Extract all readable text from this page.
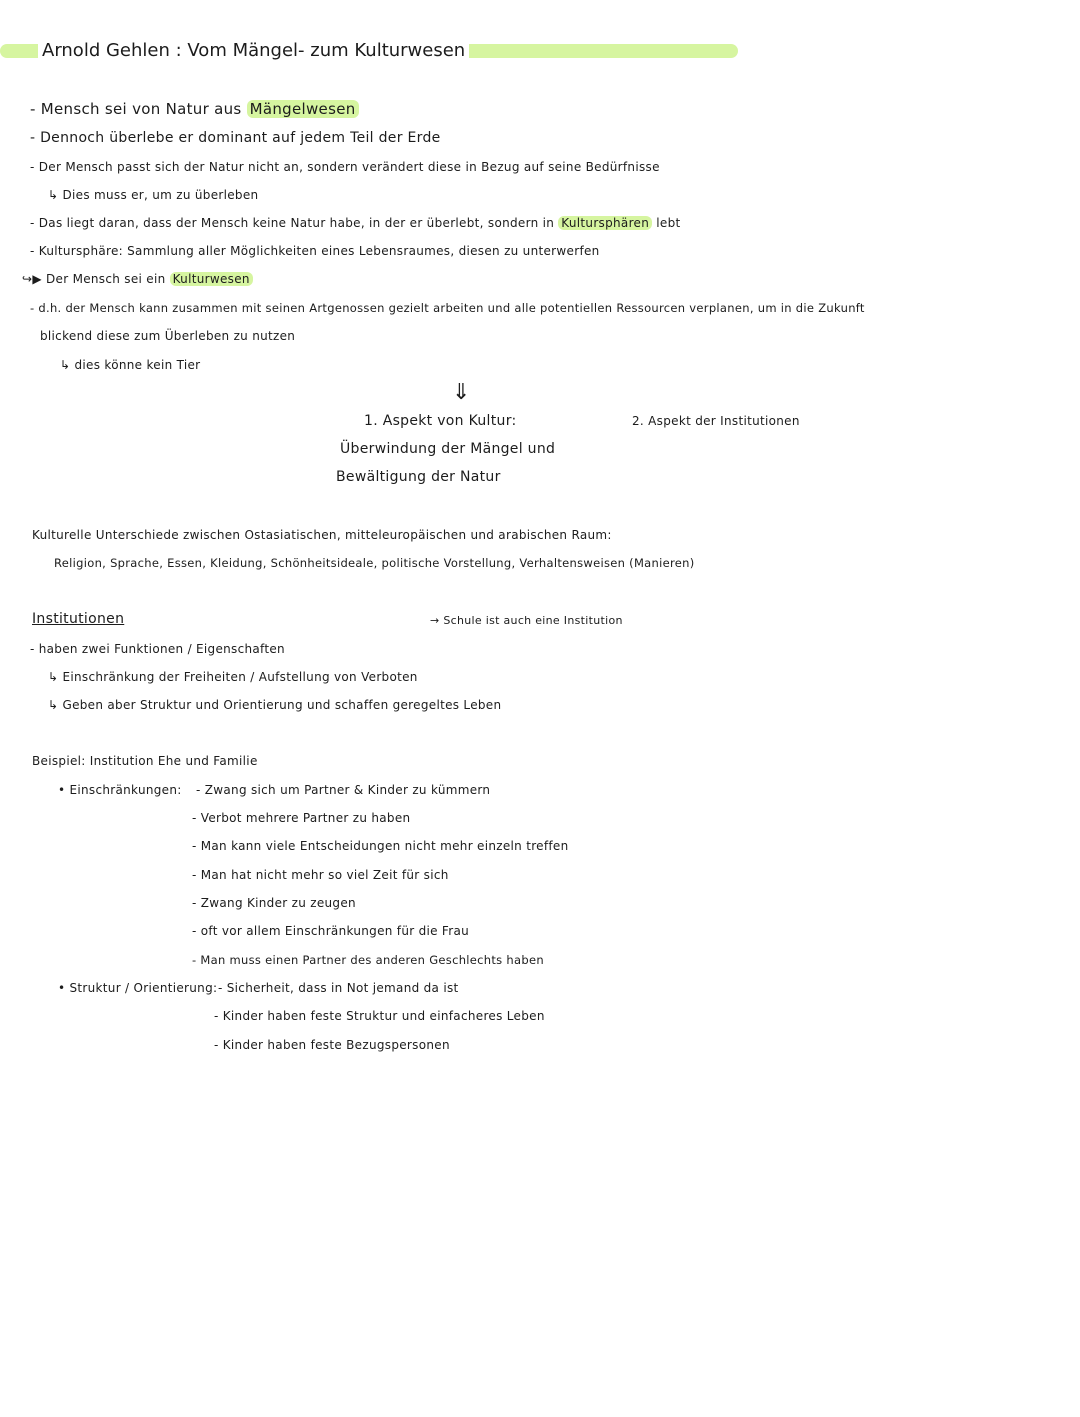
Arnold Gehlen : Vom Mängel- zum Kulturwesen
- Mensch sei von Natur aus Mängelwesen
- Dennoch überlebe er dominant auf jedem Teil der Erde
- Der Mensch passt sich der Natur nicht an, sondern verändert diese in Bezug auf seine Bedürfnisse
↳ Dies muss er, um zu überleben
- Das liegt daran, dass der Mensch keine Natur habe, in der er überlebt, sondern in Kultursphären lebt
- Kultursphäre: Sammlung aller Möglichkeiten eines Lebensraumes, diesen zu unterwerfen
↪▶ Der Mensch sei ein Kulturwesen
- d.h. der Mensch kann zusammen mit seinen Artgenossen gezielt arbeiten und alle potentiellen Ressourcen verplanen, um in die Zukunft
blickend diese zum Überleben zu nutzen
↳ dies könne kein Tier
⇓
1. Aspekt von Kultur:
Überwindung der Mängel und
Bewältigung der Natur
2. Aspekt der Institutionen
Kulturelle Unterschiede zwischen Ostasiatischen, mitteleuropäischen und arabischen Raum:
Religion, Sprache, Essen, Kleidung, Schönheitsideale, politische Vorstellung, Verhaltensweisen (Manieren)
Institutionen	→ Schule ist auch eine Institution
- haben zwei Funktionen / Eigenschaften
↳ Einschränkung der Freiheiten / Aufstellung von Verboten
↳ Geben aber Struktur und Orientierung und schaffen geregeltes Leben
Beispiel: Institution Ehe und Familie
• Einschränkungen: - Zwang sich um Partner & Kinder zu kümmern
- Verbot mehrere Partner zu haben
- Man kann viele Entscheidungen nicht mehr einzeln treffen
- Man hat nicht mehr so viel Zeit für sich
- Zwang Kinder zu zeugen
- oft vor allem Einschränkungen für die Frau
- Man muss einen Partner des anderen Geschlechts haben
• Struktur / Orientierung: - Sicherheit, dass in Not jemand da ist
- Kinder haben feste Struktur und einfacheres Leben
- Kinder haben feste Bezugspersonen
